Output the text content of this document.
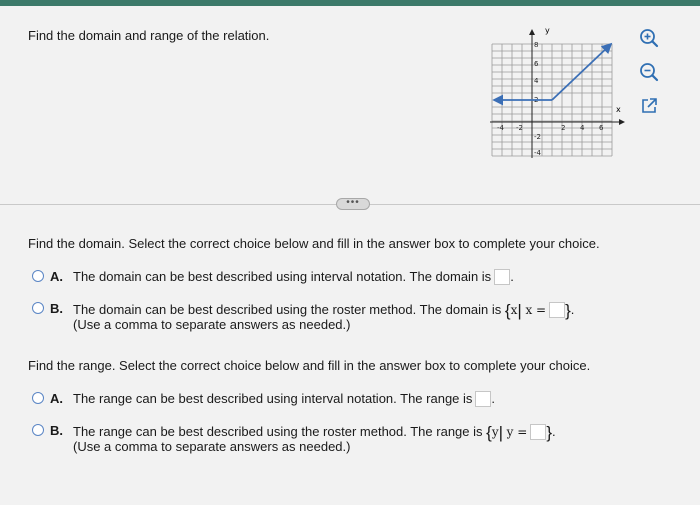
Find the domain and range of the relation.
x
y
-4 -2	2 4 6
8
6
4
2
-2
-4
•••
Find the domain. Select the correct choice below and fill in the answer box to complete your choice.
A. The domain can be best described using interval notation. The domain is .
B. The domain can be best described using the roster method. The domain is {x| x = }.
(Use a comma to separate answers as needed.)
Find the range. Select the correct choice below and fill in the answer box to complete your choice.
A. The range can be best described using interval notation. The range is .
B. The range can be best described using the roster method. The range is {y| y = }.
(Use a comma to separate answers as needed.)
